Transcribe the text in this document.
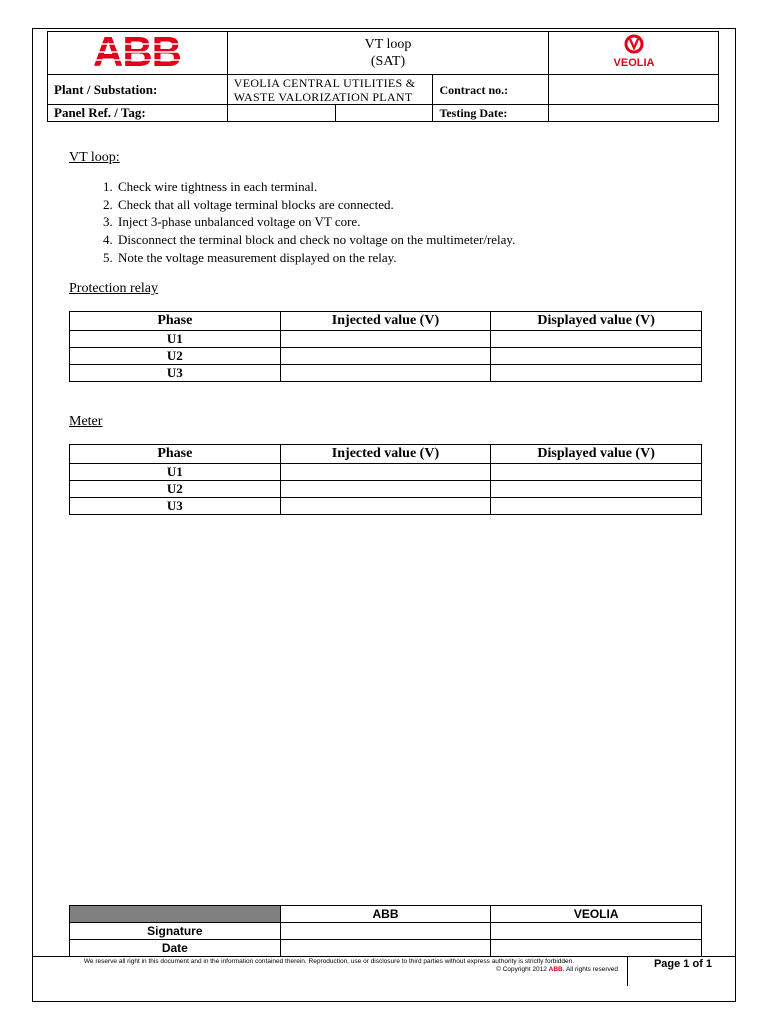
ABB	VT loop
(SAT)			VEOLIA

Plant / Substation:	VEOLIA CENTRAL UTILITIES &
WASTE VALORIZATION PLANT		Contract no.:	
Panel Ref. / Tag:			Testing Date:	
VT loop:
1. Check wire tightness in each terminal.
2. Check that all voltage terminal blocks are connected.
3. Inject 3-phase unbalanced voltage on VT core.
4. Disconnect the terminal block and check no voltage on the multimeter/relay.
5. Note the voltage measurement displayed on the relay.
Protection relay
Phase	Injected value (V)	Displayed value (V)
U1		
U2		
U3		
Meter
Phase	Injected value (V)	Displayed value (V)
U1		
U2		
U3		
	ABB	VEOLIA
Signature		
Date		
We reserve all right in this document and in the information contained therein. Reproduction, use or disclosure to third parties without express authority is strictly forbidden.
© Copyright 2012 ABB. All rights reserved	Page 1 of 1
